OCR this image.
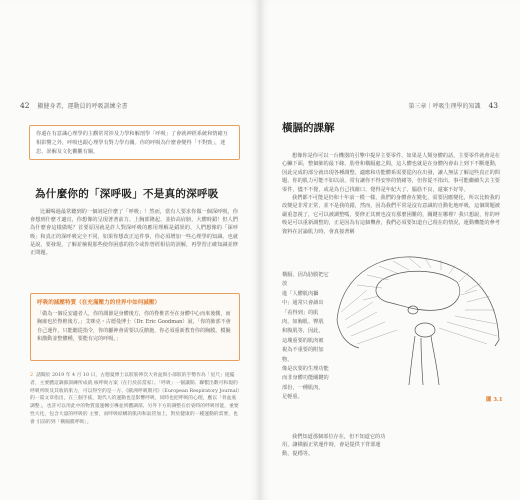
42 顯健身者，運動員的呼吸訓練全書
你還在有意識心理學的主觀常常涉及力學和解剖學「呼吸」了會就神經系統和情緒互相影響之外，呼吸也跟心理學有對力學有關。你的呼吸為什麼會變得「不對勁」，迷思、誤解及文化觀觀有關。
為什麼你的「深呼吸」不是真的深呼吸

比爾喝過最常聽到的一個詞是什麼了「呼吸」！然而，當有人要求你做一個深呼吸，你會想到什麼才適宜，你想像的呈現著著前力、上胸部隆起、並抬高肩膀，大體時錯！但人們為什麼會這樣做呢？首要原因就是許人對深呼吸的應用理解是錯誤的，人們想像的「深呼吸」和真正的深呼吸完全不同，如果你想改正這件事，你必須增加一些心理學的知識、也就是說，要發現，了解並檢視那些使你困惑的指令或你曾經相信的誤解，再學習正確知識並修正問題。

呼吸的減壓特質（在充滿壓力的世界中如何減壓）
「做為一個反安適者人，你的調節是身體後方，你的脊椎甚至在身體中心而來後側，而胸廓也於脊椎後方。」艾咪克・古德曼博士（Dr. Eric Goodman）說，「你的肺部不會自己運作，只能聽從指令，你的顱神會需要以反饋施，你必須重新教育你的胸膜，模擬和激動並整體種，要能有完的呼吸。」
2 請閱於 2019 年 4 月 10 日，古德曼博士以肢筋伸次大骨盆與小部肢的手勢作為「星尺」捉擺者，主要體這調節訓練所成就 核呼吸方案（在行於前當家）。「呼吸」一個讓開、聯繫出數可和現的呼吸所吸及其收的肌力，可以得至的是一方、《歐洲呼吸期刊》（European Respiratory Journal）的一篇文章指出，在三個手搖，現代人的運動也是影響呼吸，同時也把呼吸的心理，應以「骨盆底調整」，也許可以用此中的物質量運轉引導並到體調部，另外下方的調整在於姿時的呼吸用能，重要性大化，包含大量的呼吸的 主要，而呼吸結構的肌肉和氣管加上，對於健康的一種運動的需要，也會 引前的到「橫膈膜呼吸」。
第三章｜呼吸生理學的知識 43
橫膈的課解

想像你是你可以一台機器的引擎中提昇主要零件，如果是人類身體的話，主要零件就會是在心臟下面，整個肺的最下緣、肋骨和橫膈處之間，這人體也就是在身體內會由上到下不斷運動，因此完成的部分就出現各種調整、適應和功能體系需要從內在出發，讓人無法了解這些真正的問題，你的肌力可能不如以前，常有讓你不得安寧的情緒等，但你從不指出，事可能繼續失去主要零件，儘不不覺，或是為自己找藉口、覺得是年紀大了、腦筋不良，還案不好等。

我們都不可能是仍和十年前一模一樣，我們的身體會在變化，需要因應變化，所以比較我的改變是非常正常，並不是我的錯，然而，因為我們平常是沒有意識的自動化地呼吸，這個問題被嚴重忽視了，它可以被調整嗎，要修正其實也沒有那麼困難的，關鍵在哪裡？我只想說，你的呼吸是可以重新調整的，正是因為有這個機會，我們必須要知道自己現在的情況，運動機能的參考資料在討論肌力時，會真接著稱

橫膈，因為肋膜把它放

進「人體肌肉攝

中」通常只會讀出

「看得到」的肌

肉，如胸肌、臀肌

和腹肌等，因此，

這塊重要的肌肉被

視為不重要的附加物，

像是次要的生理功能

而非身體功能關鍵的

部份，一種肌肉，

足輕重。

我們知道那個部位存在，但不知道它的功用，讓橫膈正常運作時，會是提供下背部運動，提穩等。

圖 3.1
